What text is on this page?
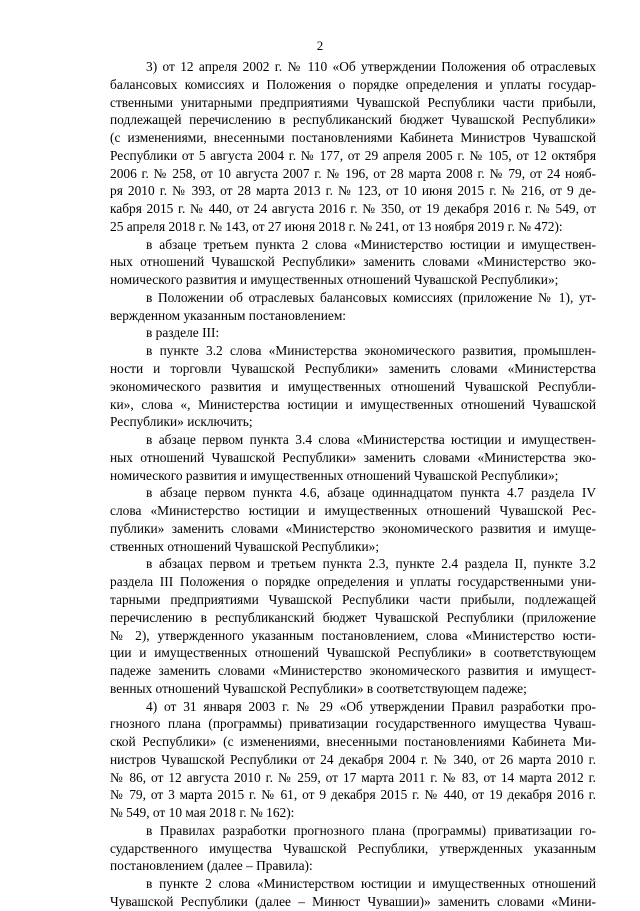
2
3) от 12 апреля 2002 г. № 110 «Об утверждении Положения об отраслевых
балансовых комиссиях и Положения о порядке определения и уплаты государ-
ственными унитарными предприятиями Чувашской Республики части прибыли,
подлежащей перечислению в республиканский бюджет Чувашской Республики»
(с изменениями, внесенными постановлениями Кабинета Министров Чувашской
Республики от 5 августа 2004 г. № 177, от 29 апреля 2005 г. № 105, от 12 октября
2006 г. № 258, от 10 августа 2007 г. № 196, от 28 марта 2008 г. № 79, от 24 нояб-
ря 2010 г. № 393, от 28 марта 2013 г. № 123, от 10 июня 2015 г. № 216, от 9 де-
кабря 2015 г. № 440, от 24 августа 2016 г. № 350, от 19 декабря 2016 г. № 549, от
25 апреля 2018 г. № 143, от 27 июня 2018 г. № 241, от 13 ноября 2019 г. № 472):
в абзаце третьем пункта 2 слова «Министерство юстиции и имуществен-
ных отношений Чувашской Республики» заменить словами «Министерство эко-
номического развития и имущественных отношений Чувашской Республики»;
в Положении об отраслевых балансовых комиссиях (приложение № 1), ут-
вержденном указанным постановлением:
в разделе III:
в пункте 3.2 слова «Министерства экономического развития, промышлен-
ности и торговли Чувашской Республики» заменить словами «Министерства
экономического развития и имущественных отношений Чувашской Республи-
ки», слова «, Министерства юстиции и имущественных отношений Чувашской
Республики» исключить;
в абзаце первом пункта 3.4 слова «Министерства юстиции и имуществен-
ных отношений Чувашской Республики» заменить словами «Министерства эко-
номического развития и имущественных отношений Чувашской Республики»;
в абзаце первом пункта 4.6, абзаце одиннадцатом пункта 4.7 раздела IV
слова «Министерство юстиции и имущественных отношений Чувашской Рес-
публики» заменить словами «Министерство экономического развития и имуще-
ственных отношений Чувашской Республики»;
в абзацах первом и третьем пункта 2.3, пункте 2.4 раздела II, пункте 3.2
раздела III Положения о порядке определения и уплаты государственными уни-
тарными предприятиями Чувашской Республики части прибыли, подлежащей
перечислению в республиканский бюджет Чувашской Республики (приложение
№ 2), утвержденного указанным постановлением, слова «Министерство юсти-
ции и имущественных отношений Чувашской Республики» в соответствующем
падеже заменить словами «Министерство экономического развития и имущест-
венных отношений Чувашской Республики» в соответствующем падеже;
4) от 31 января 2003 г. № 29 «Об утверждении Правил разработки про-
гнозного плана (программы) приватизации государственного имущества Чуваш-
ской Республики» (с изменениями, внесенными постановлениями Кабинета Ми-
нистров Чувашской Республики от 24 декабря 2004 г. № 340, от 26 марта 2010 г.
№ 86, от 12 августа 2010 г. № 259, от 17 марта 2011 г. № 83, от 14 марта 2012 г.
№ 79, от 3 марта 2015 г. № 61, от 9 декабря 2015 г. № 440, от 19 декабря 2016 г.
№ 549, от 10 мая 2018 г. № 162):
в Правилах разработки прогнозного плана (программы) приватизации го-
сударственного имущества Чувашской Республики, утвержденных указанным
постановлением (далее – Правила):
в пункте 2 слова «Министерством юстиции и имущественных отношений
Чувашской Республики (далее – Минюст Чувашии)» заменить словами «Мини-
